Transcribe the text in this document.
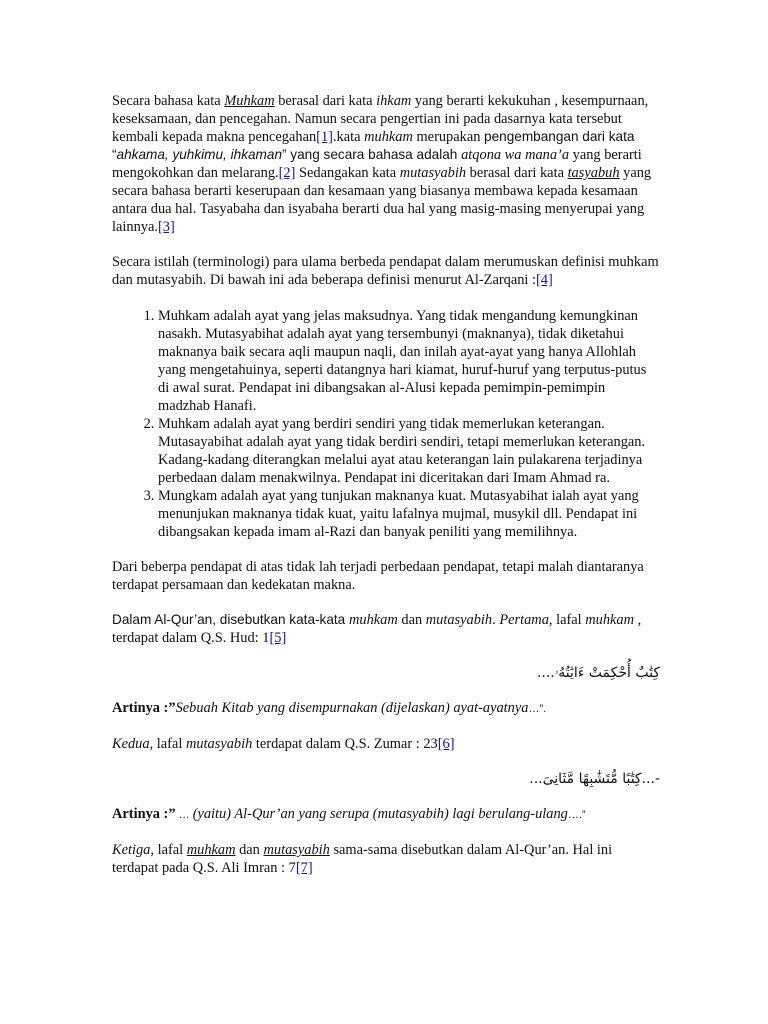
Secara bahasa kata Muhkam berasal dari kata ihkam yang berarti kekukuhan , kesempurnaan, keseksamaan, dan pencegahan. Namun secara pengertian ini pada dasarnya kata tersebut kembali kepada makna pencegahan[1].kata muhkam merupakan pengembangan dari kata “ahkama, yuhkimu, ihkaman” yang secara bahasa adalah atqona wa mana’a yang berarti mengokohkan dan melarang.[2] Sedangakan kata mutasyabih berasal dari kata tasyabuh yang secara bahasa berarti keserupaan dan kesamaan yang biasanya membawa kepada kesamaan antara dua hal. Tasyabaha dan isyabaha berarti dua hal yang masig-masing menyerupai yang lainnya.[3]

Secara istilah (terminologi) para ulama berbeda pendapat dalam merumuskan definisi muhkam dan mutasyabih. Di bawah ini ada beberapa definisi menurut Al-Zarqani :[4]

1. Muhkam adalah ayat yang jelas maksudnya. Yang tidak mengandung kemungkinan nasakh. Mutasyabihat adalah ayat yang tersembunyi (maknanya), tidak diketahui maknanya baik secara aqli maupun naqli, dan inilah ayat-ayat yang hanya Allohlah yang mengetahuinya, seperti datangnya hari kiamat, huruf-huruf yang terputus-putus di awal surat. Pendapat ini dibangsakan al-Alusi kepada pemimpin-pemimpin madzhab Hanafi.
2. Muhkam adalah ayat yang berdiri sendiri yang tidak memerlukan keterangan. Mutasayabihat adalah ayat yang tidak berdiri sendiri, tetapi memerlukan keterangan. Kadang-kadang diterangkan melalui ayat atau keterangan lain pulakarena terjadinya perbedaan dalam menakwilnya. Pendapat ini diceritakan dari Imam Ahmad ra.
3. Mungkam adalah ayat yang tunjukan maknanya kuat. Mutasyabihat ialah ayat yang menunjukan maknanya tidak kuat, yaitu lafalnya mujmal, musykil dll. Pendapat ini dibangsakan kepada imam al-Razi dan banyak peniliti yang memilihnya.

Dari beberpa pendapat di atas tidak lah terjadi perbedaan pendapat, tetapi malah diantaranya terdapat persamaan dan kedekatan makna.

Dalam Al-Qur’an, disebutkan kata-kata muhkam dan mutasyabih. Pertama, lafal muhkam , terdapat dalam Q.S. Hud: 1[5]

كِتَٰبٌ أُحْكِمَتْ ءَايَٰتُهُۥ....

Artinya :”Sebuah Kitab yang disempurnakan (dijelaskan) ayat-ayatnya…”.

Kedua, lafal mutasyabih terdapat dalam Q.S. Zumar : 23[6]

-...كِتَٰبًا مُّتَشَٰبِهًا مَّثَانِىَ...

Artinya :” … (yaitu) Al-Qur’an yang serupa (mutasyabih) lagi berulang-ulang….”

Ketiga, lafal muhkam dan mutasyabih sama-sama disebutkan dalam Al-Qur’an. Hal ini terdapat pada Q.S. Ali Imran : 7[7]
